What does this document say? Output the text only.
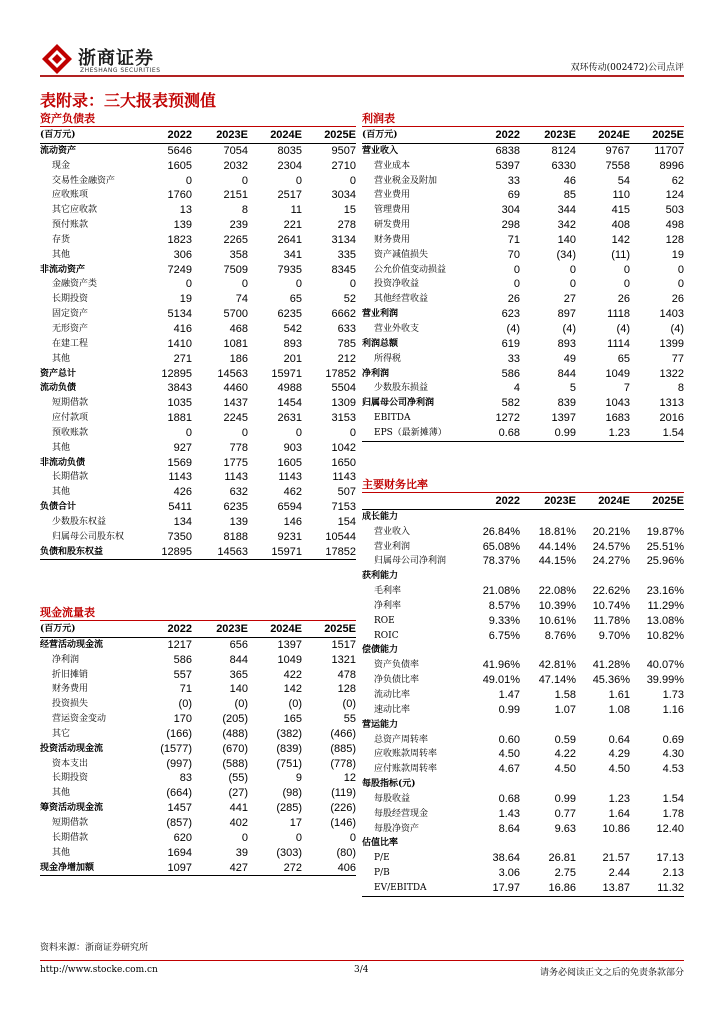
浙商证券
ZHESHANG SECURITIES	双环传动(002472)公司点评
表附录：三大报表预测值
资产负债表	利润表
现金流量表
主要财务比率
(百万元)	2022	2023E	2024E	2025E
流动资产	5646	7054	8035	9507
现金	1605	2032	2304	2710
交易性金融资产	0	0	0	0
应收账项	1760	2151	2517	3034
其它应收款	13	8	11	15
预付账款	139	239	221	278
存货	1823	2265	2641	3134
其他	306	358	341	335
非流动资产	7249	7509	7935	8345
金融资产类	0	0	0	0
长期投资	19	74	65	52
固定资产	5134	5700	6235	6662
无形资产	416	468	542	633
在建工程	1410	1081	893	785
其他	271	186	201	212
资产总计	12895	14563	15971	17852
流动负债	3843	4460	4988	5504
短期借款	1035	1437	1454	1309
应付款项	1881	2245	2631	3153
预收账款	0	0	0	0
其他	927	778	903	1042
非流动负债	1569	1775	1605	1650
长期借款	1143	1143	1143	1143
其他	426	632	462	507
负债合计	5411	6235	6594	7153
少数股东权益	134	139	146	154
归属母公司股东权	7350	8188	9231	10544
负债和股东权益	12895	14563	15971	17852
(百万元)	2022	2023E	2024E	2025E
经营活动现金流	1217	656	1397	1517
净利润	586	844	1049	1321
折旧摊销	557	365	422	478
财务费用	71	140	142	128
投资损失	(0)	(0)	(0)	(0)
营运资金变动	170	(205)	165	55
其它	(166)	(488)	(382)	(466)
投资活动现金流	(1577)	(670)	(839)	(885)
资本支出	(997)	(588)	(751)	(778)
长期投资	83	(55)	9	12
其他	(664)	(27)	(98)	(119)
筹资活动现金流	1457	441	(285)	(226)
短期借款	(857)	402	17	(146)
长期借款	620	0	0	0
其他	1694	39	(303)	(80)
现金净增加额	1097	427	272	406
(百万元)	2022	2023E	2024E	2025E
营业收入	6838	8124	9767	11707
营业成本	5397	6330	7558	8996
营业税金及附加	33	46	54	62
营业费用	69	85	110	124
管理费用	304	344	415	503
研发费用	298	342	408	498
财务费用	71	140	142	128
资产减值损失	70	(34)	(11)	19
公允价值变动损益	0	0	0	0
投资净收益	0	0	0	0
其他经营收益	26	27	26	26
营业利润	623	897	1118	1403
营业外收支	(4)	(4)	(4)	(4)
利润总额	619	893	1114	1399
所得税	33	49	65	77
净利润	586	844	1049	1322
少数股东损益	4	5	7	8
归属母公司净利润	582	839	1043	1313
EBITDA	1272	1397	1683	2016
EPS（最新摊薄）	0.68	0.99	1.23	1.54
	2022	2023E	2024E	2025E
成长能力				
营业收入	26.84%	18.81%	20.21%	19.87%
营业利润	65.08%	44.14%	24.57%	25.51%
归属母公司净利润	78.37%	44.15%	24.27%	25.96%
获利能力				
毛利率	21.08%	22.08%	22.62%	23.16%
净利率	8.57%	10.39%	10.74%	11.29%
ROE	9.33%	10.61%	11.78%	13.08%
ROIC	6.75%	8.76%	9.70%	10.82%
偿债能力				
资产负债率	41.96%	42.81%	41.28%	40.07%
净负债比率	49.01%	47.14%	45.36%	39.99%
流动比率	1.47	1.58	1.61	1.73
速动比率	0.99	1.07	1.08	1.16
营运能力				
总资产周转率	0.60	0.59	0.64	0.69
应收账款周转率	4.50	4.22	4.29	4.30
应付账款周转率	4.67	4.50	4.50	4.53
每股指标(元)				
每股收益	0.68	0.99	1.23	1.54
每股经营现金	1.43	0.77	1.64	1.78
每股净资产	8.64	9.63	10.86	12.40
估值比率				
P/E	38.64	26.81	21.57	17.13
P/B	3.06	2.75	2.44	2.13
EV/EBITDA	17.97	16.86	13.87	11.32
资料来源：浙商证券研究所
http://www.stocke.com.cn	3/4	请务必阅读正文之后的免责条款部分
